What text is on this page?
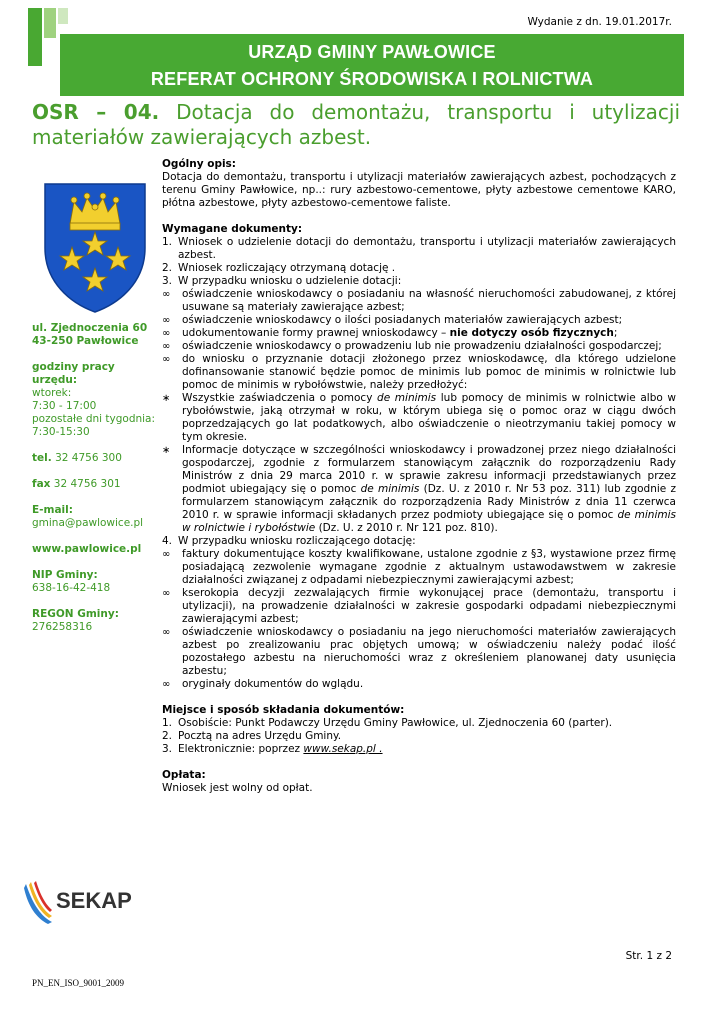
Wydanie z dn. 19.01.2017r.
URZĄD GMINY PAWŁOWICE
REFERAT OCHRONY ŚRODOWISKA I ROLNICTWA
OSR – 04. Dotacja do demontażu, transportu i utylizacji materiałów zawierających azbest.
ul. Zjednoczenia 60
43-250 Pawłowice
godziny pracy urzędu:
wtorek:
7:30 - 17:00
pozostałe dni tygodnia:
7:30-15:30
tel. 32 4756 300
fax 32 4756 301
E-mail:
gmina@pawlowice.pl
www.pawlowice.pl
NIP Gminy:
638-16-42-418
REGON Gminy:
276258316
Ogólny opis:
Dotacja do demontażu, transportu i utylizacji materiałów zawierających azbest, pochodzących z terenu Gminy Pawłowice, np..: rury azbestowo-cementowe, płyty azbestowe cementowe KARO, płótna azbestowe, płyty azbestowo-cementowe faliste.
Wymagane dokumenty:
1. Wniosek o udzielenie dotacji do demontażu, transportu i utylizacji materiałów zawierających azbest.
2. Wniosek rozliczający otrzymaną dotację .
3. W przypadku wniosku o udzielenie dotacji:
∞	oświadczenie wnioskodawcy o posiadaniu na własność nieruchomości zabudowanej, z której usuwane są materiały zawierające azbest;
∞	oświadczenie wnioskodawcy o ilości posiadanych materiałów zawierających azbest;
∞	udokumentowanie formy prawnej wnioskodawcy – nie dotyczy osób fizycznych;
∞	oświadczenie wnioskodawcy o prowadzeniu lub nie prowadzeniu działalności gospodarczej;
∞	do wniosku o przyznanie dotacji złożonego przez wnioskodawcę, dla którego udzielone dofinansowanie stanowić będzie pomoc de minimis lub pomoc de minimis w rolnictwie lub pomoc de minimis w rybołówstwie, należy przedłożyć:
∗	Wszystkie zaświadczenia o pomocy de minimis lub pomocy de minimis w rolnictwie albo w rybołówstwie, jaką otrzymał w roku, w którym ubiega się o pomoc oraz w ciągu dwóch poprzedzających go lat podatkowych, albo oświadczenie o nieotrzymaniu takiej pomocy w tym okresie.
∗	Informacje dotyczące w szczególności wnioskodawcy i prowadzonej przez niego działalności gospodarczej, zgodnie z formularzem stanowiącym załącznik do rozporządzeniu Rady Ministrów z dnia 29 marca 2010 r. w sprawie zakresu informacji przedstawianych przez podmiot ubiegający się o pomoc de minimis (Dz. U. z 2010 r. Nr 53 poz. 311) lub zgodnie z formularzem stanowiącym załącznik do rozporządzenia Rady Ministrów z dnia 11 czerwca 2010 r. w sprawie informacji składanych przez podmioty ubiegające się o pomoc de minimis w rolnictwie i rybołóstwie (Dz. U. z 2010 r. Nr 121 poz. 810).
4. W przypadku wniosku rozliczającego dotację:
∞	faktury dokumentujące koszty kwalifikowane, ustalone zgodnie z §3, wystawione przez firmę posiadającą zezwolenie wymagane zgodnie z aktualnym ustawodawstwem w zakresie działalności związanej z odpadami niebezpiecznymi zawierającymi azbest;
∞	kserokopia decyzji zezwalających firmie wykonującej prace (demontażu, transportu i utylizacji), na prowadzenie działalności w zakresie gospodarki odpadami niebezpiecznymi zawierającymi azbest;
∞	oświadczenie wnioskodawcy o posiadaniu na jego nieruchomości materiałów zawierających azbest po zrealizowaniu prac objętych umową; w oświadczeniu należy podać ilość pozostałego azbestu na nieruchomości wraz z określeniem planowanej daty usunięcia azbestu;
∞	oryginały dokumentów do wglądu.
Miejsce i sposób składania dokumentów:
1. Osobiście: Punkt Podawczy Urzędu Gminy Pawłowice, ul. Zjednoczenia 60 (parter).
2. Pocztą na adres Urzędu Gminy.
3. Elektronicznie: poprzez www.sekap.pl .
Opłata:
Wniosek jest wolny od opłat.
SEKAP
Str. 1 z 2
PN_EN_ISO_9001_2009
